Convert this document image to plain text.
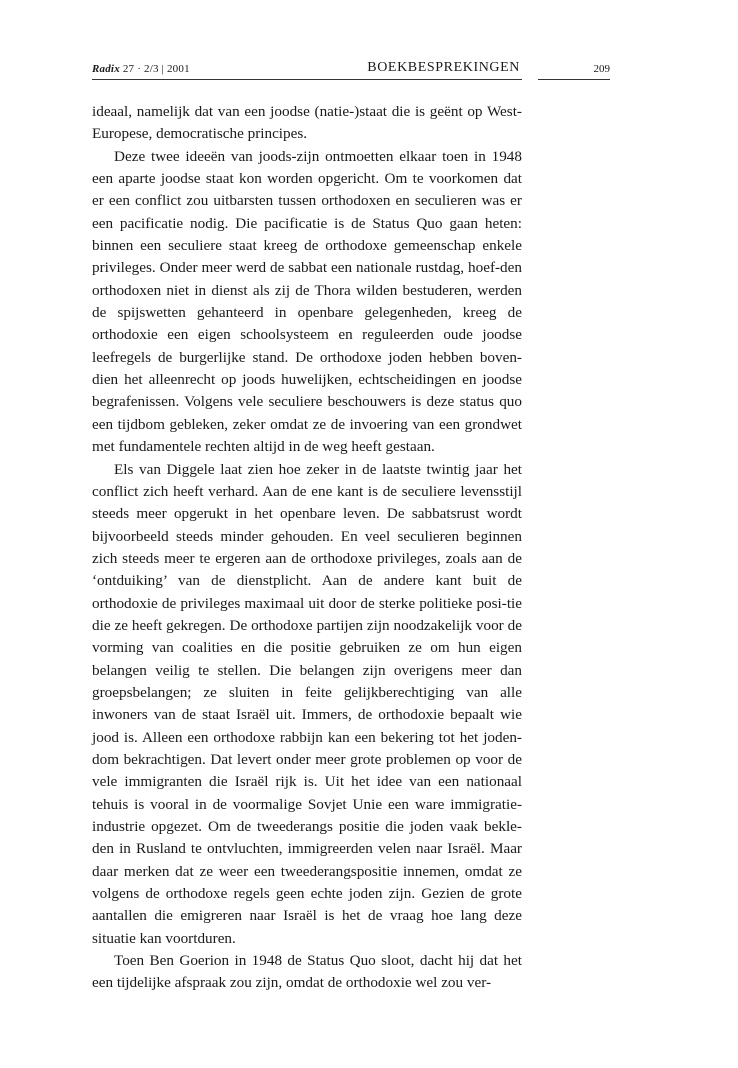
Radix 27 · 2/3 | 2001	BOEKBESPREKINGEN	209

ideaal, namelijk dat van een joodse (natie-)staat die is geënt op West-Europese, democratische principes.

Deze twee ideeën van joods-zijn ontmoetten elkaar toen in 1948 een aparte joodse staat kon worden opgericht. Om te voorkomen dat er een conflict zou uitbarsten tussen orthodoxen en seculieren was er een pacificatie nodig. Die pacificatie is de Status Quo gaan heten: binnen een seculiere staat kreeg de orthodoxe gemeenschap enkele privileges. Onder meer werd de sabbat een nationale rustdag, hoef-den orthodoxen niet in dienst als zij de Thora wilden bestuderen, werden de spijswetten gehanteerd in openbare gelegenheden, kreeg de orthodoxie een eigen schoolsysteem en reguleerden oude joodse leefregels de burgerlijke stand. De orthodoxe joden hebben boven-dien het alleenrecht op joods huwelijken, echtscheidingen en joodse begrafenissen. Volgens vele seculiere beschouwers is deze status quo een tijdbom gebleken, zeker omdat ze de invoering van een grondwet met fundamentele rechten altijd in de weg heeft gestaan.

Els van Diggele laat zien hoe zeker in de laatste twintig jaar het conflict zich heeft verhard. Aan de ene kant is de seculiere levensstijl steeds meer opgerukt in het openbare leven. De sabbatsrust wordt bijvoorbeeld steeds minder gehouden. En veel seculieren beginnen zich steeds meer te ergeren aan de orthodoxe privileges, zoals aan de ‘ontduiking’ van de dienstplicht. Aan de andere kant buit de orthodoxie de privileges maximaal uit door de sterke politieke posi-tie die ze heeft gekregen. De orthodoxe partijen zijn noodzakelijk voor de vorming van coalities en die positie gebruiken ze om hun eigen belangen veilig te stellen. Die belangen zijn overigens meer dan groepsbelangen; ze sluiten in feite gelijkberechtiging van alle inwoners van de staat Israël uit. Immers, de orthodoxie bepaalt wie jood is. Alleen een orthodoxe rabbijn kan een bekering tot het joden-dom bekrachtigen. Dat levert onder meer grote problemen op voor de vele immigranten die Israël rijk is. Uit het idee van een nationaal tehuis is vooral in de voormalige Sovjet Unie een ware immigratie-industrie opgezet. Om de tweederangs positie die joden vaak bekle-den in Rusland te ontvluchten, immigreerden velen naar Israël. Maar daar merken dat ze weer een tweederangspositie innemen, omdat ze volgens de orthodoxe regels geen echte joden zijn. Gezien de grote aantallen die emigreren naar Israël is het de vraag hoe lang deze situatie kan voortduren.

Toen Ben Goerion in 1948 de Status Quo sloot, dacht hij dat het een tijdelijke afspraak zou zijn, omdat de orthodoxie wel zou ver-
